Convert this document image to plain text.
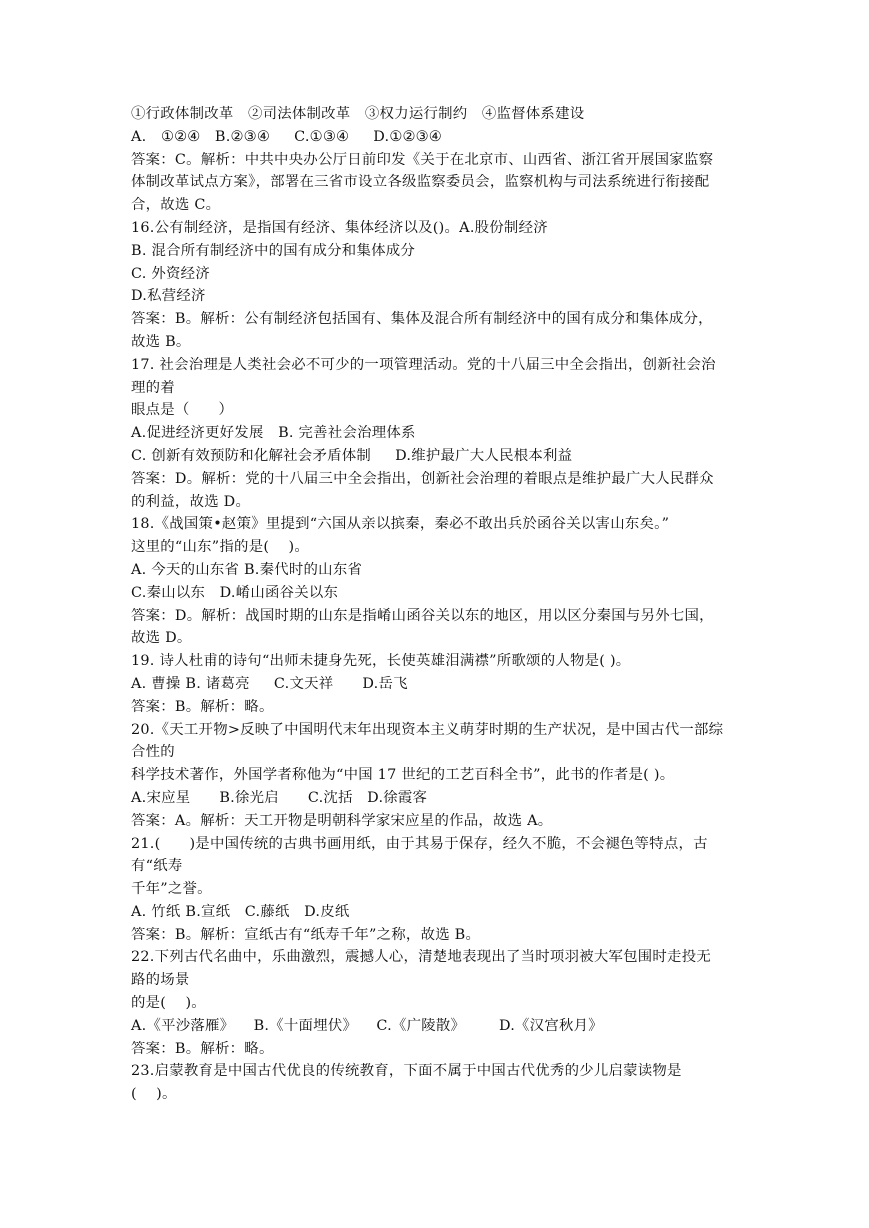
①行政体制改革   ②司法体制改革   ③权力运行制约   ④监督体系建设
A.   ①②④   B.②③④     C.①③④     D.①②③④
答案：C。解析：中共中央办公厅日前印发《关于在北京市、山西省、浙江省开展国家监察
体制改革试点方案》，部署在三省市设立各级监察委员会，监察机构与司法系统进行衔接配
合，故选 C。
16.公有制经济，是指国有经济、集体经济以及()。A.股份制经济
B. 混合所有制经济中的国有成分和集体成分
C. 外资经济
D.私营经济
答案：B。解析：公有制经济包括国有、集体及混合所有制经济中的国有成分和集体成分，
故选 B。
17. 社会治理是人类社会必不可少的一项管理活动。党的十八届三中全会指出，创新社会治
理的着
眼点是（      ）
A.促进经济更好发展   B. 完善社会治理体系
C. 创新有效预防和化解社会矛盾体制     D.维护最广大人民根本利益
答案：D。解析：党的十八届三中全会指出，创新社会治理的着眼点是维护最广大人民群众
的利益，故选 D。
18.《战国策•赵策》里提到“六国从亲以摈秦，秦必不敢出兵於函谷关以害山东矣。”
这里的“山东”指的是(    )。
A. 今天的山东省 B.秦代时的山东省
C.秦山以东   D.崤山函谷关以东
答案：D。解析：战国时期的山东是指崤山函谷关以东的地区，用以区分秦国与另外七国，
故选 D。
19. 诗人杜甫的诗句“出师未捷身先死，长使英雄泪满襟”所歌颂的人物是( )。
A. 曹操 B. 诸葛亮     C.文天祥      D.岳飞
答案：B。解析：略。
20.《天工开物>反映了中国明代末年出现资本主义萌芽时期的生产状况，是中国古代一部综
合性的
科学技术著作，外国学者称他为“中国 17 世纪的工艺百科全书”，此书的作者是( )。
A.宋应星      B.徐光启      C.沈括   D.徐霞客
答案：A。解析：天工开物是明朝科学家宋应星的作品，故选 A。
21.(      )是中国传统的古典书画用纸，由于其易于保存，经久不脆，不会褪色等特点，古
有“纸寿
千年”之誉。
A. 竹纸 B.宣纸   C.藤纸   D.皮纸
答案：B。解析：宣纸古有“纸寿千年”之称，故选 B。
22.下列古代名曲中，乐曲激烈，震撼人心，清楚地表现出了当时项羽被大军包围时走投无
路的场景
的是(    )。
A.《平沙落雁》    B.《十面埋伏》    C.《广陵散》       D.《汉宫秋月》
答案：B。解析：略。
23.启蒙教育是中国古代优良的传统教育，下面不属于中国古代优秀的少儿启蒙读物是
(    )。
